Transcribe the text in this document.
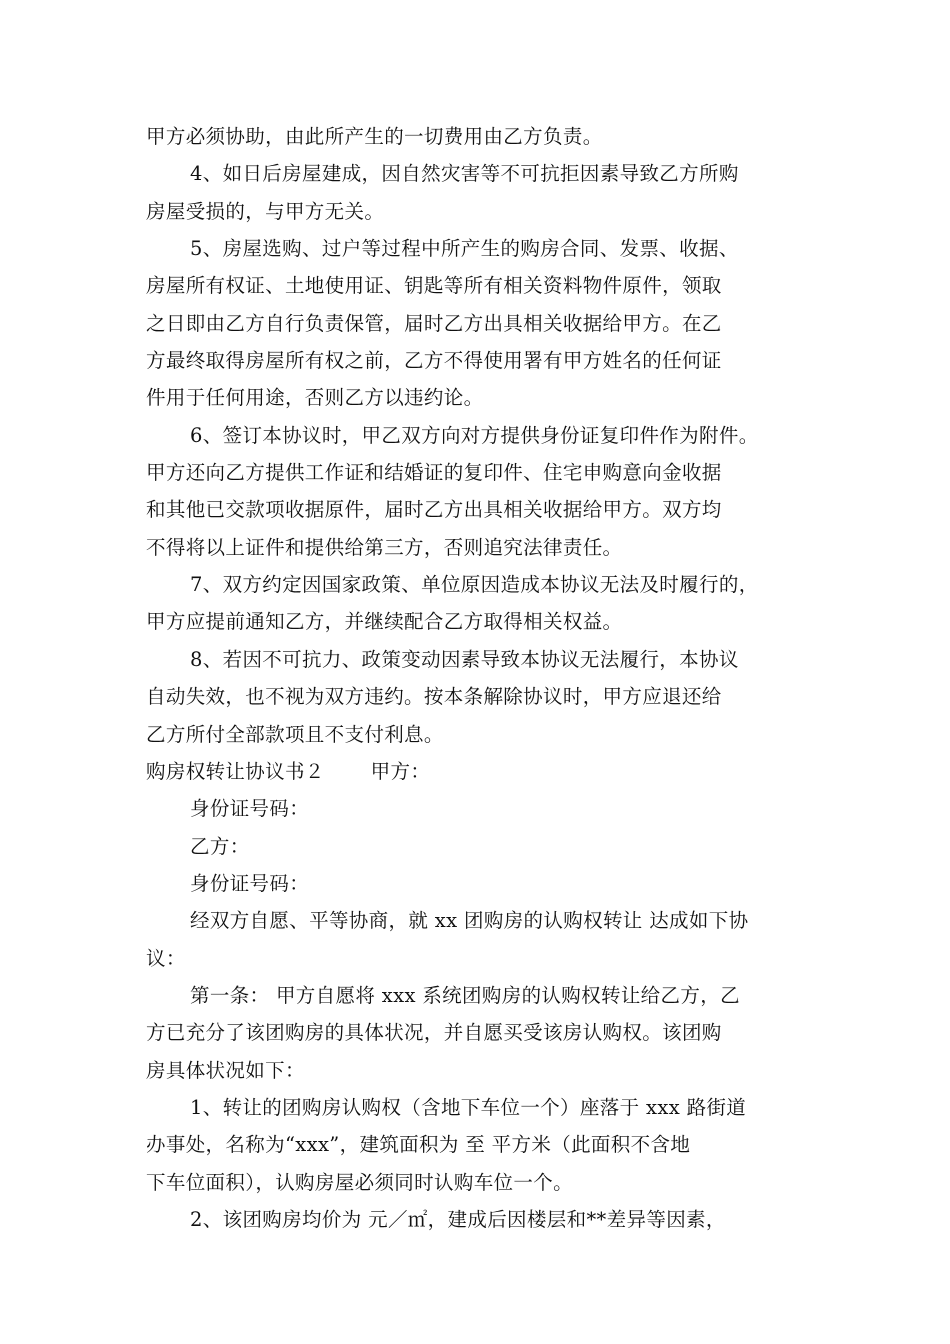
甲方必须协助，由此所产生的一切费用由乙方负责。
4、如日后房屋建成，因自然灾害等不可抗拒因素导致乙方所购
房屋受损的，与甲方无关。
5、房屋选购、过户等过程中所产生的购房合同、发票、收据、
房屋所有权证、土地使用证、钥匙等所有相关资料物件原件，领取
之日即由乙方自行负责保管，届时乙方出具相关收据给甲方。在乙
方最终取得房屋所有权之前，乙方不得使用署有甲方姓名的任何证
件用于任何用途，否则乙方以违约论。
6、签订本协议时，甲乙双方向对方提供身份证复印件作为附件。
甲方还向乙方提供工作证和结婚证的复印件、住宅申购意向金收据
和其他已交款项收据原件，届时乙方出具相关收据给甲方。双方均
不得将以上证件和提供给第三方，否则追究法律责任。
7、双方约定因国家政策、单位原因造成本协议无法及时履行的，
甲方应提前通知乙方，并继续配合乙方取得相关权益。
8、若因不可抗力、政策变动因素导致本协议无法履行，本协议
自动失效，也不视为双方违约。按本条解除协议时，甲方应退还给
乙方所付全部款项且不支付利息。
购房权转让协议书２ 甲方：
身份证号码：
乙方：
身份证号码：
经双方自愿、平等协商，就 xx 团购房的认购权转让 达成如下协
议：
第一条： 甲方自愿将 xxx 系统团购房的认购权转让给乙方，乙
方已充分了该团购房的具体状况，并自愿买受该房认购权。该团购
房具体状况如下：
1、转让的团购房认购权（含地下车位一个）座落于 xxx 路街道
办事处，名称为“xxx”，建筑面积为 至 平方米（此面积不含地
下车位面积），认购房屋必须同时认购车位一个。
2、该团购房均价为 元／㎡，建成后因楼层和**差异等因素，
